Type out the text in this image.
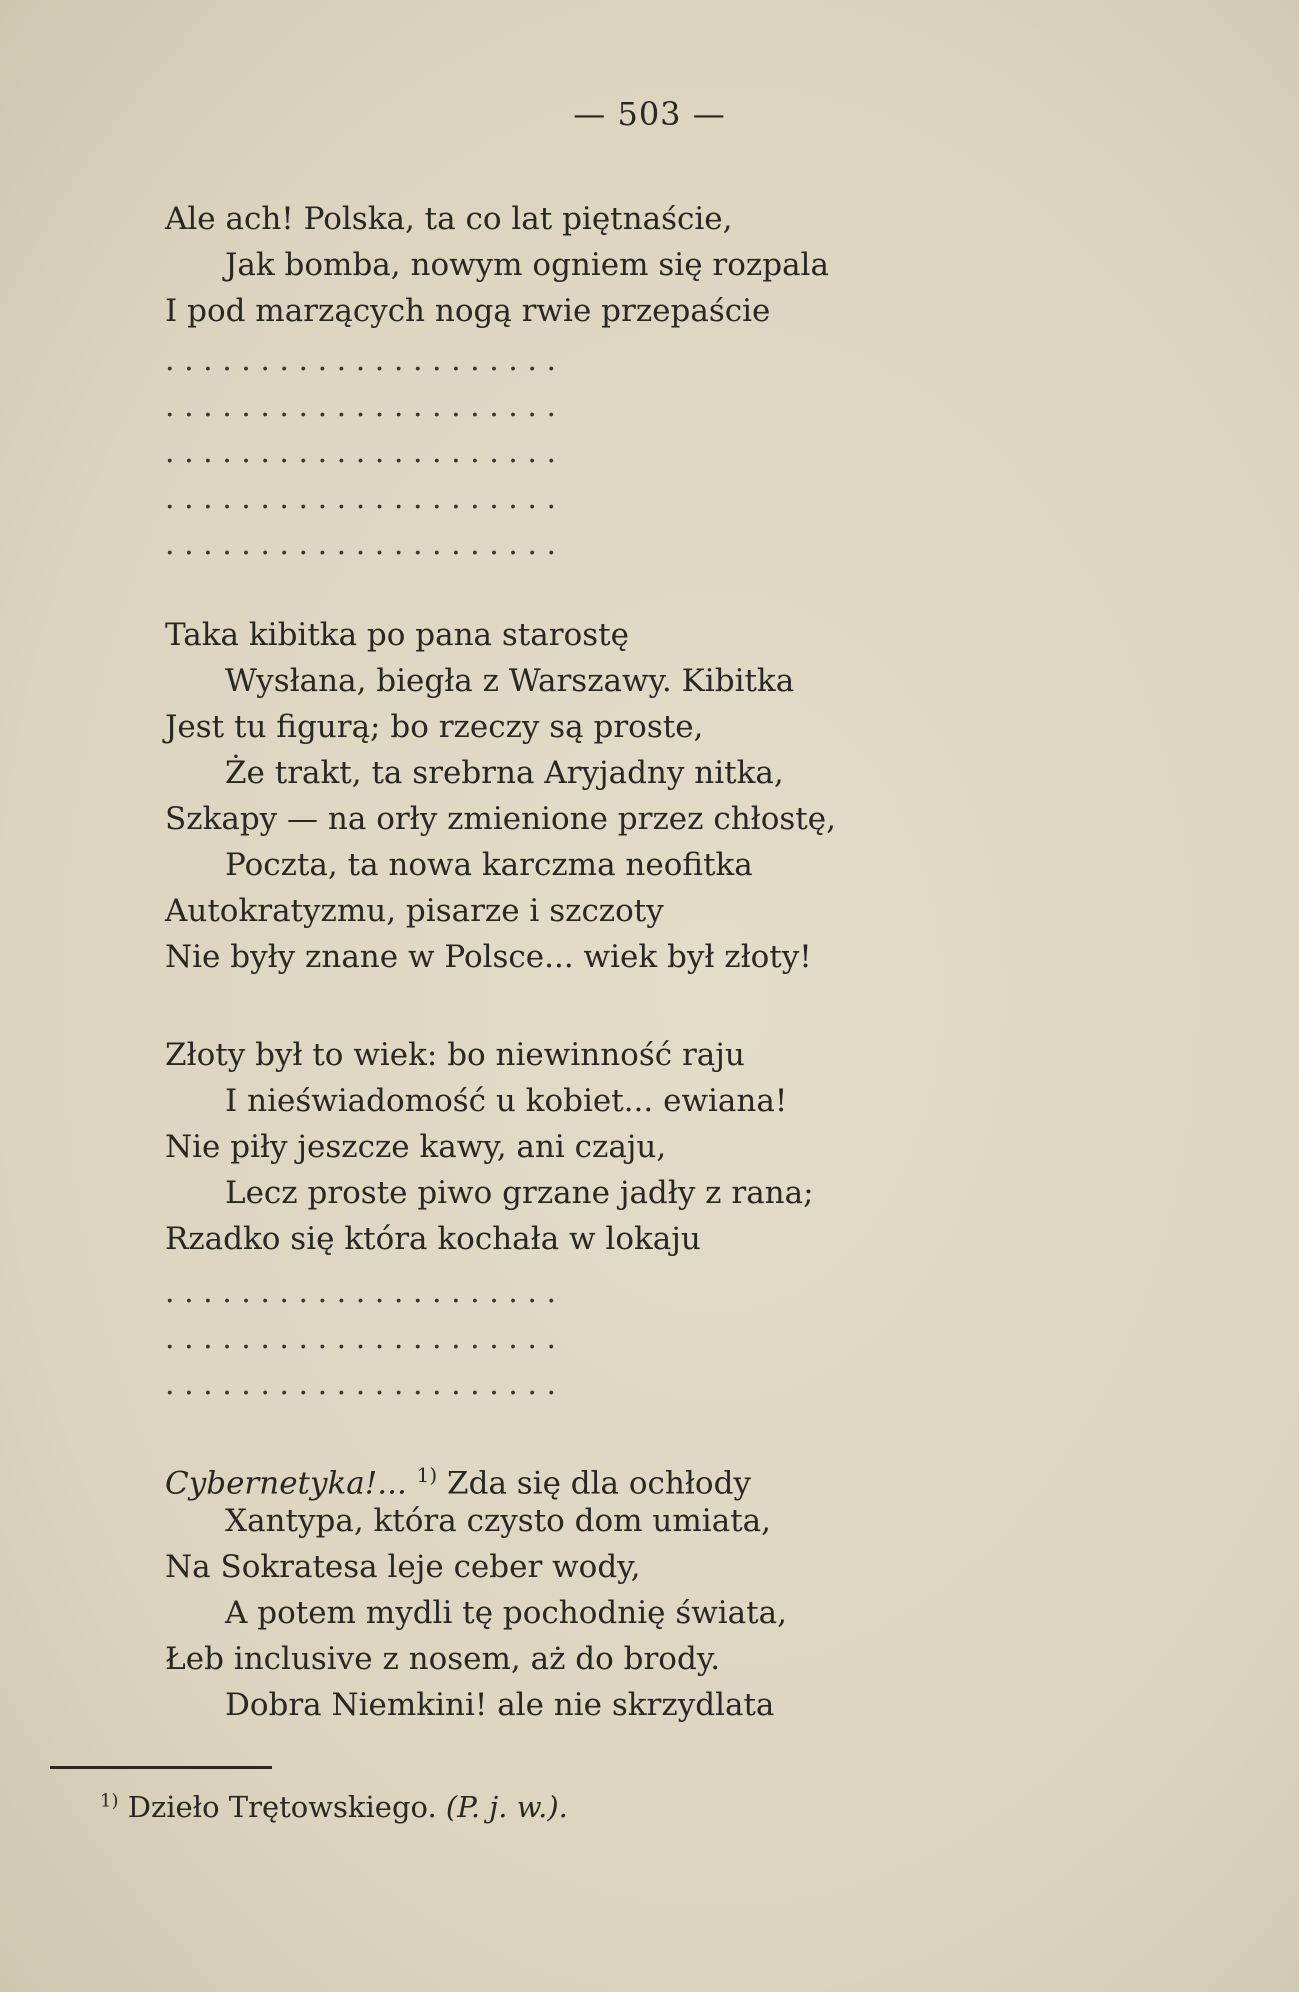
— 503 —
Ale ach! Polska, ta co lat piętnaście,
Jak bomba, nowym ogniem się rozpala
I pod marzących nogą rwie przepaście
. . . . . . . . . . . . . . . . . . . . .
. . . . . . . . . . . . . . . . . . . . .
. . . . . . . . . . . . . . . . . . . . .
. . . . . . . . . . . . . . . . . . . . .
. . . . . . . . . . . . . . . . . . . . .
Taka kibitka po pana starostę
Wysłana, biegła z Warszawy. Kibitka
Jest tu figurą; bo rzeczy są proste,
Że trakt, ta srebrna Aryjadny nitka,
Szkapy — na orły zmienione przez chłostę,
Poczta, ta nowa karczma neofitka
Autokratyzmu, pisarze i szczoty
Nie były znane w Polsce... wiek był złoty!
Złoty był to wiek: bo niewinność raju
I nieświadomość u kobiet... ewiana!
Nie piły jeszcze kawy, ani czaju,
Lecz proste piwo grzane jadły z rana;
Rzadko się która kochała w lokaju
. . . . . . . . . . . . . . . . . . . . .
. . . . . . . . . . . . . . . . . . . . .
. . . . . . . . . . . . . . . . . . . . .
Cybernetyka!... $^{1)}$ Zda się dla ochłody
Xantypa, która czysto dom umiata,
Na Sokratesa leje ceber wody,
A potem mydli tę pochodnię świata,
Łeb inclusive z nosem, aż do brody.
Dobra Niemkini! ale nie skrzydlata
$^{1)}$ Dzieło Trętowskiego. (P. j. w.).
